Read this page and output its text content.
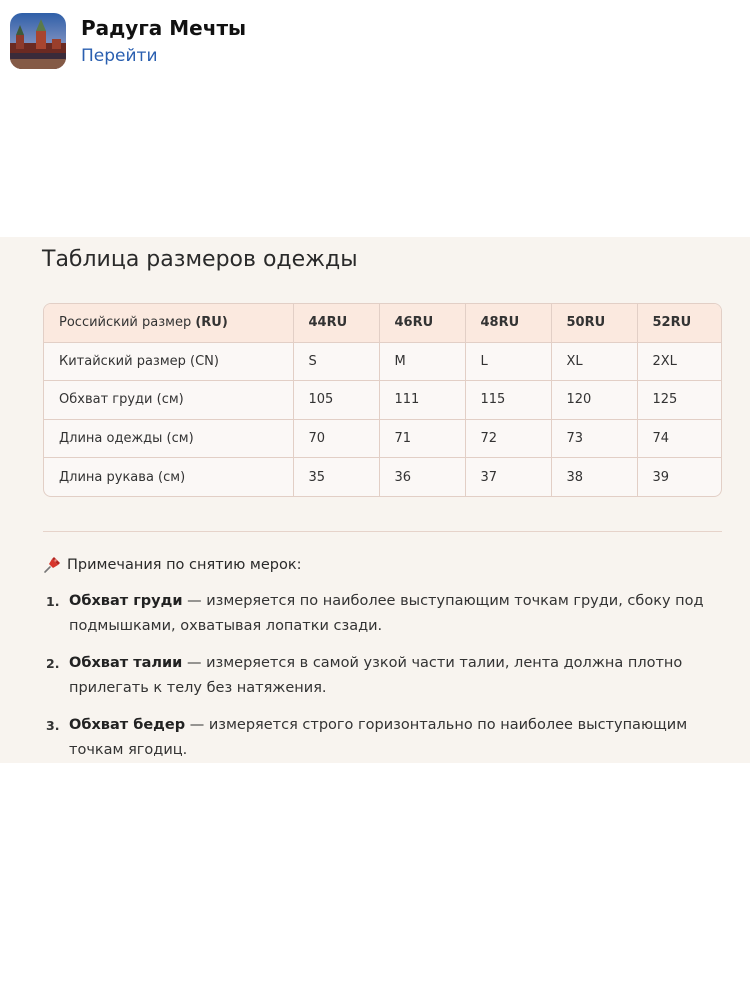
Радуга Мечты
Перейти
Таблица размеров одежды
Российский размер (RU)	44RU	46RU	48RU	50RU	52RU
Китайский размер (CN)	S	M	L	XL	2XL
Обхват груди (см)	105	111	115	120	125
Длина одежды (см)	70	71	72	73	74
Длина рукава (см)	35	36	37	38	39
Примечания по снятию мерок:
1. Обхват груди — измеряется по наиболее выступающим точкам груди, сбоку под подмышками, охватывая лопатки сзади.
2. Обхват талии — измеряется в самой узкой части талии, лента должна плотно прилегать к телу без натяжения.
3. Обхват бедер — измеряется строго горизонтально по наиболее выступающим точкам ягодиц.
